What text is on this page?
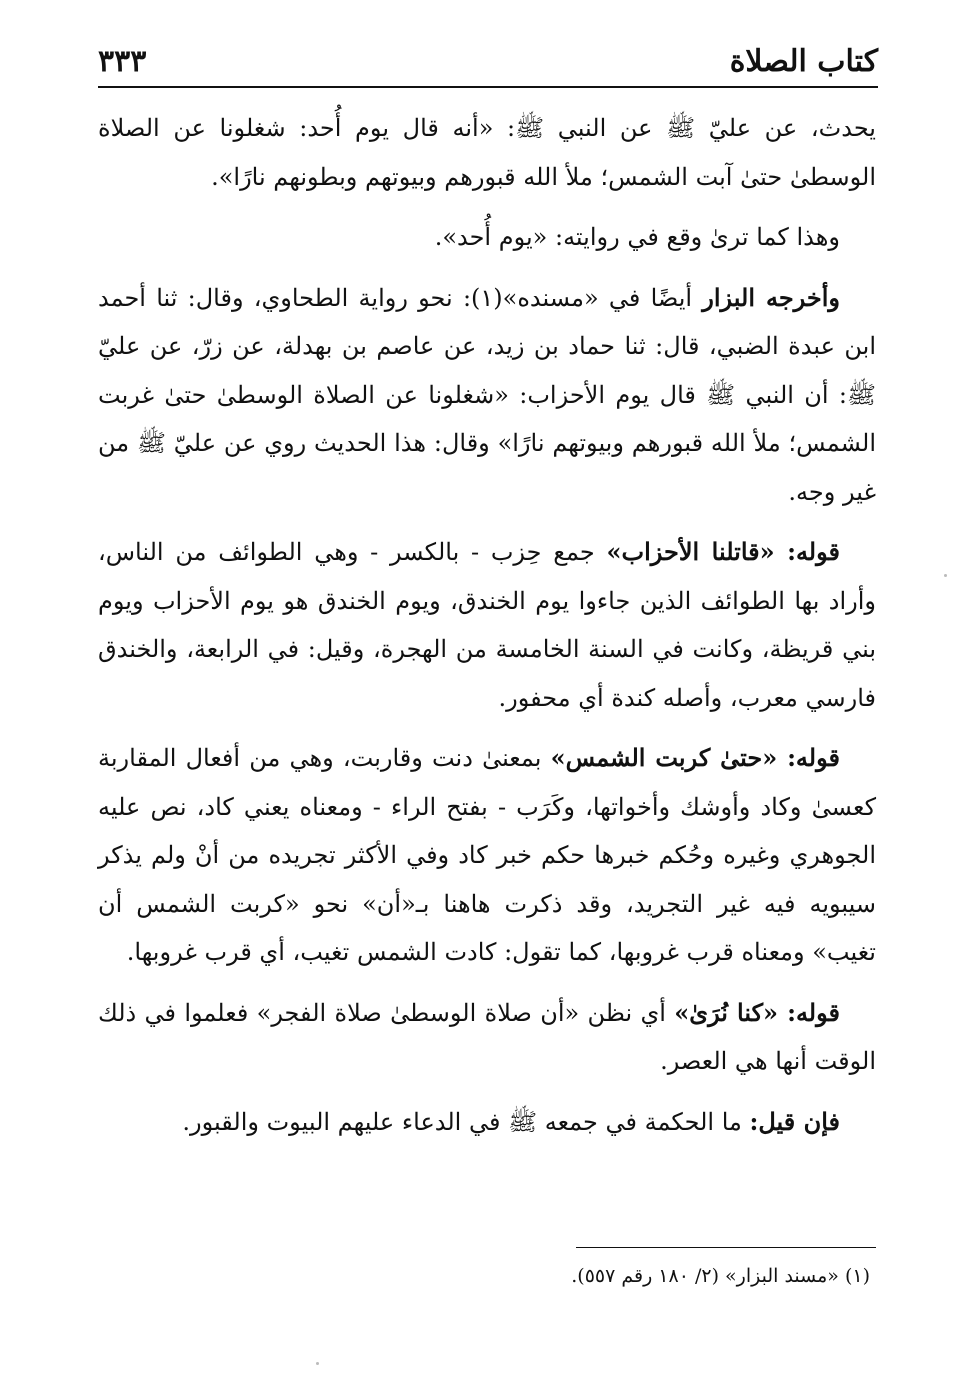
كتاب الصلاة
٣٣٣

يحدث، عن عليّ ﷺ عن النبي ﷺ: «أنه قال يوم أُحد: شغلونا عن الصلاة الوسطىٰ حتىٰ آبت الشمس؛ ملأ الله قبورهم وبيوتهم وبطونهم نارًا».

وهذا كما ترىٰ وقع في روايته: «يوم أُحد».

وأخرجه البزار أيضًا في «مسنده»(١): نحو رواية الطحاوي، وقال: ثنا أحمد ابن عبدة الضبي، قال: ثنا حماد بن زيد، عن عاصم بن بهدلة، عن زرّ، عن عليّ ﷺ: أن النبي ﷺ قال يوم الأحزاب: «شغلونا عن الصلاة الوسطىٰ حتىٰ غربت الشمس؛ ملأ الله قبورهم وبيوتهم نارًا» وقال: هذا الحديث روي عن عليّ ﷺ من غير وجه.

قوله: «قاتلنا الأحزاب» جمع حِزب - بالكسر - وهي الطوائف من الناس، وأراد بها الطوائف الذين جاءوا يوم الخندق، ويوم الخندق هو يوم الأحزاب ويوم بني قريظة، وكانت في السنة الخامسة من الهجرة، وقيل: في الرابعة، والخندق فارسي معرب، وأصله كندة أي محفور.

قوله: «حتىٰ كربت الشمس» بمعنىٰ دنت وقاربت، وهي من أفعال المقاربة كعسىٰ وكاد وأوشك وأخواتها، وكَرَب - بفتح الراء - ومعناه يعني كاد، نص عليه الجوهري وغيره وحُكم خبرها حكم خبر كاد وفي الأكثر تجريده من أنْ ولم يذكر سيبويه فيه غير التجريد، وقد ذكرت هاهنا بـ«أن» نحو «كربت الشمس أن تغيب» ومعناه قرب غروبها، كما تقول: كادت الشمس تغيب، أي قرب غروبها.

قوله: «كنا نُرَىٰ» أي نظن «أن صلاة الوسطىٰ صلاة الفجر» فعلموا في ذلك الوقت أنها هي العصر.

فإن قيل: ما الحكمة في جمعه ﷺ في الدعاء عليهم البيوت والقبور.

(١) «مسند البزار» (٢/ ١٨٠ رقم ٥٥٧).
